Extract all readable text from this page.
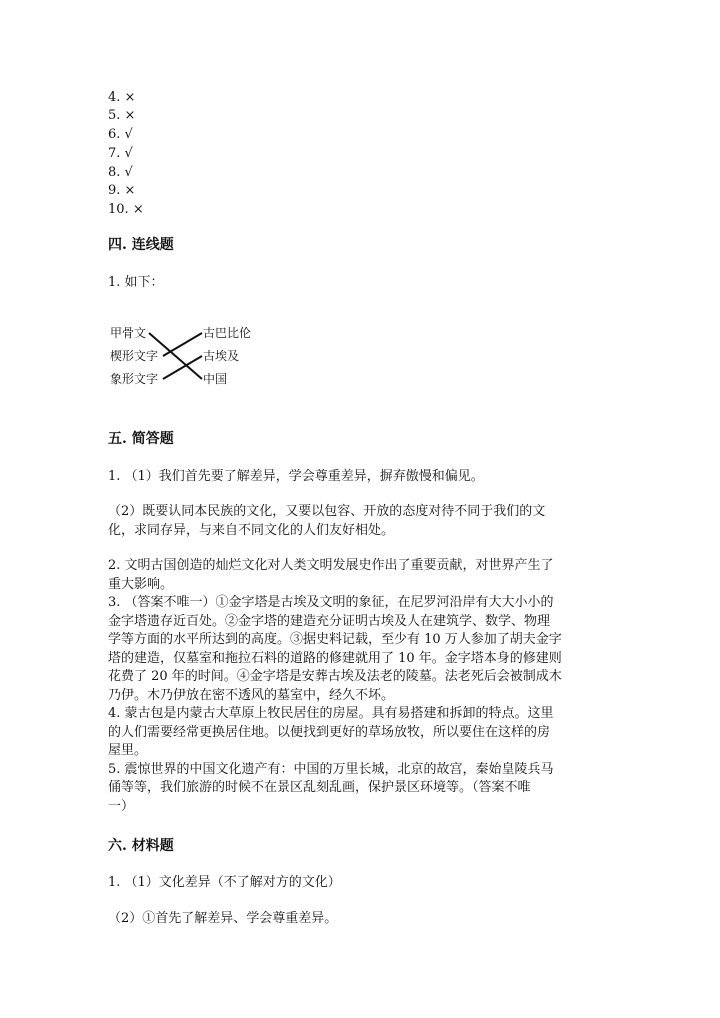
4. ×
5. ×
6. √
7. √
8. √
9. ×
10. ×
四. 连线题
1. 如下：
甲骨文
楔形文字
象形文字
古巴比伦
古埃及
中国
五. 简答题
1. （1）我们首先要了解差异，学会尊重差异，摒弃傲慢和偏见。
（2）既要认同本民族的文化，又要以包容、开放的态度对待不同于我们的文
化，求同存异，与来自不同文化的人们友好相处。
2. 文明古国创造的灿烂文化对人类文明发展史作出了重要贡献，对世界产生了
重大影响。
3. （答案不唯一）①金字塔是古埃及文明的象征，在尼罗河沿岸有大大小小的
金字塔遗存近百处。②金字塔的建造充分证明古埃及人在建筑学、数学、物理
学等方面的水平所达到的高度。③据史料记载，至少有 10 万人参加了胡夫金字
塔的建造，仅墓室和拖拉石料的道路的修建就用了 10 年。金字塔本身的修建则
花费了 20 年的时间。④金字塔是安葬古埃及法老的陵墓。法老死后会被制成木
乃伊。木乃伊放在密不透风的墓室中，经久不坏。
4. 蒙古包是内蒙古大草原上牧民居住的房屋。具有易搭建和拆卸的特点。这里
的人们需要经常更换居住地。以便找到更好的草场放牧，所以要住在这样的房
屋里。
5. 震惊世界的中国文化遗产有：中国的万里长城，北京的故宫，秦始皇陵兵马
俑等等，我们旅游的时候不在景区乱刻乱画，保护景区环境等。（答案不唯
一）
六. 材料题
1. （1）文化差异（不了解对方的文化）
（2）①首先了解差异、学会尊重差异。
